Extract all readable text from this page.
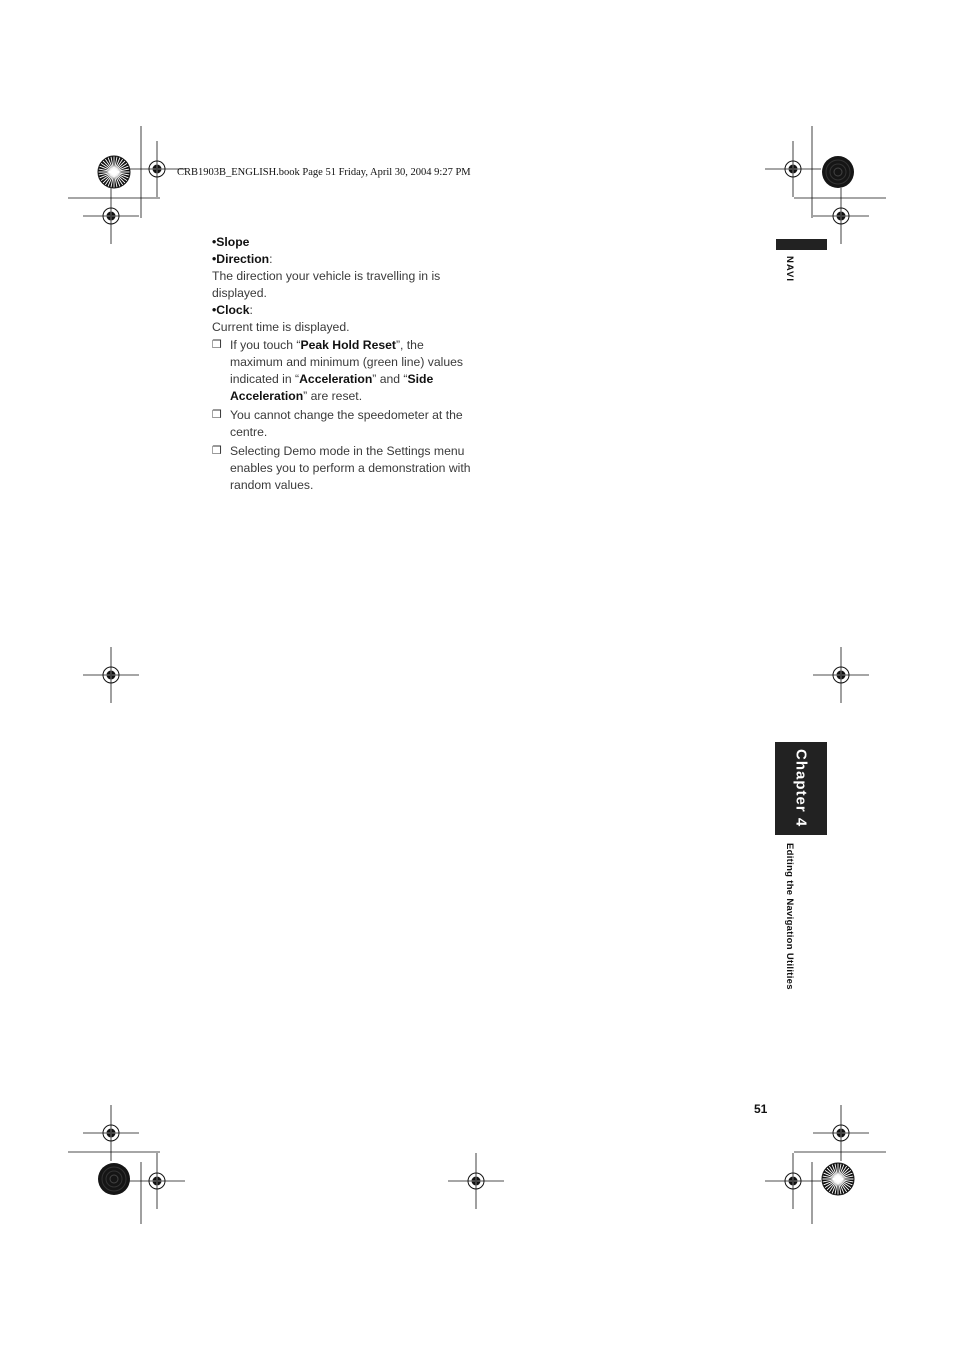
CRB1903B_ENGLISH.book Page 51 Friday, April 30, 2004 9:27 PM

•Slope

•Direction:

The direction your vehicle is travelling in is displayed.

•Clock:

Current time is displayed.

❒ If you touch “Peak Hold Reset”, the maximum and minimum (green line) values indicated in “Acceleration” and “Side Acceleration” are reset.
❒ You cannot change the speedometer at the centre.
❒ Selecting Demo mode in the Settings menu enables you to perform a demonstration with random values.
NAVI
Chapter 4
Editing the Navigation Utilities
51
